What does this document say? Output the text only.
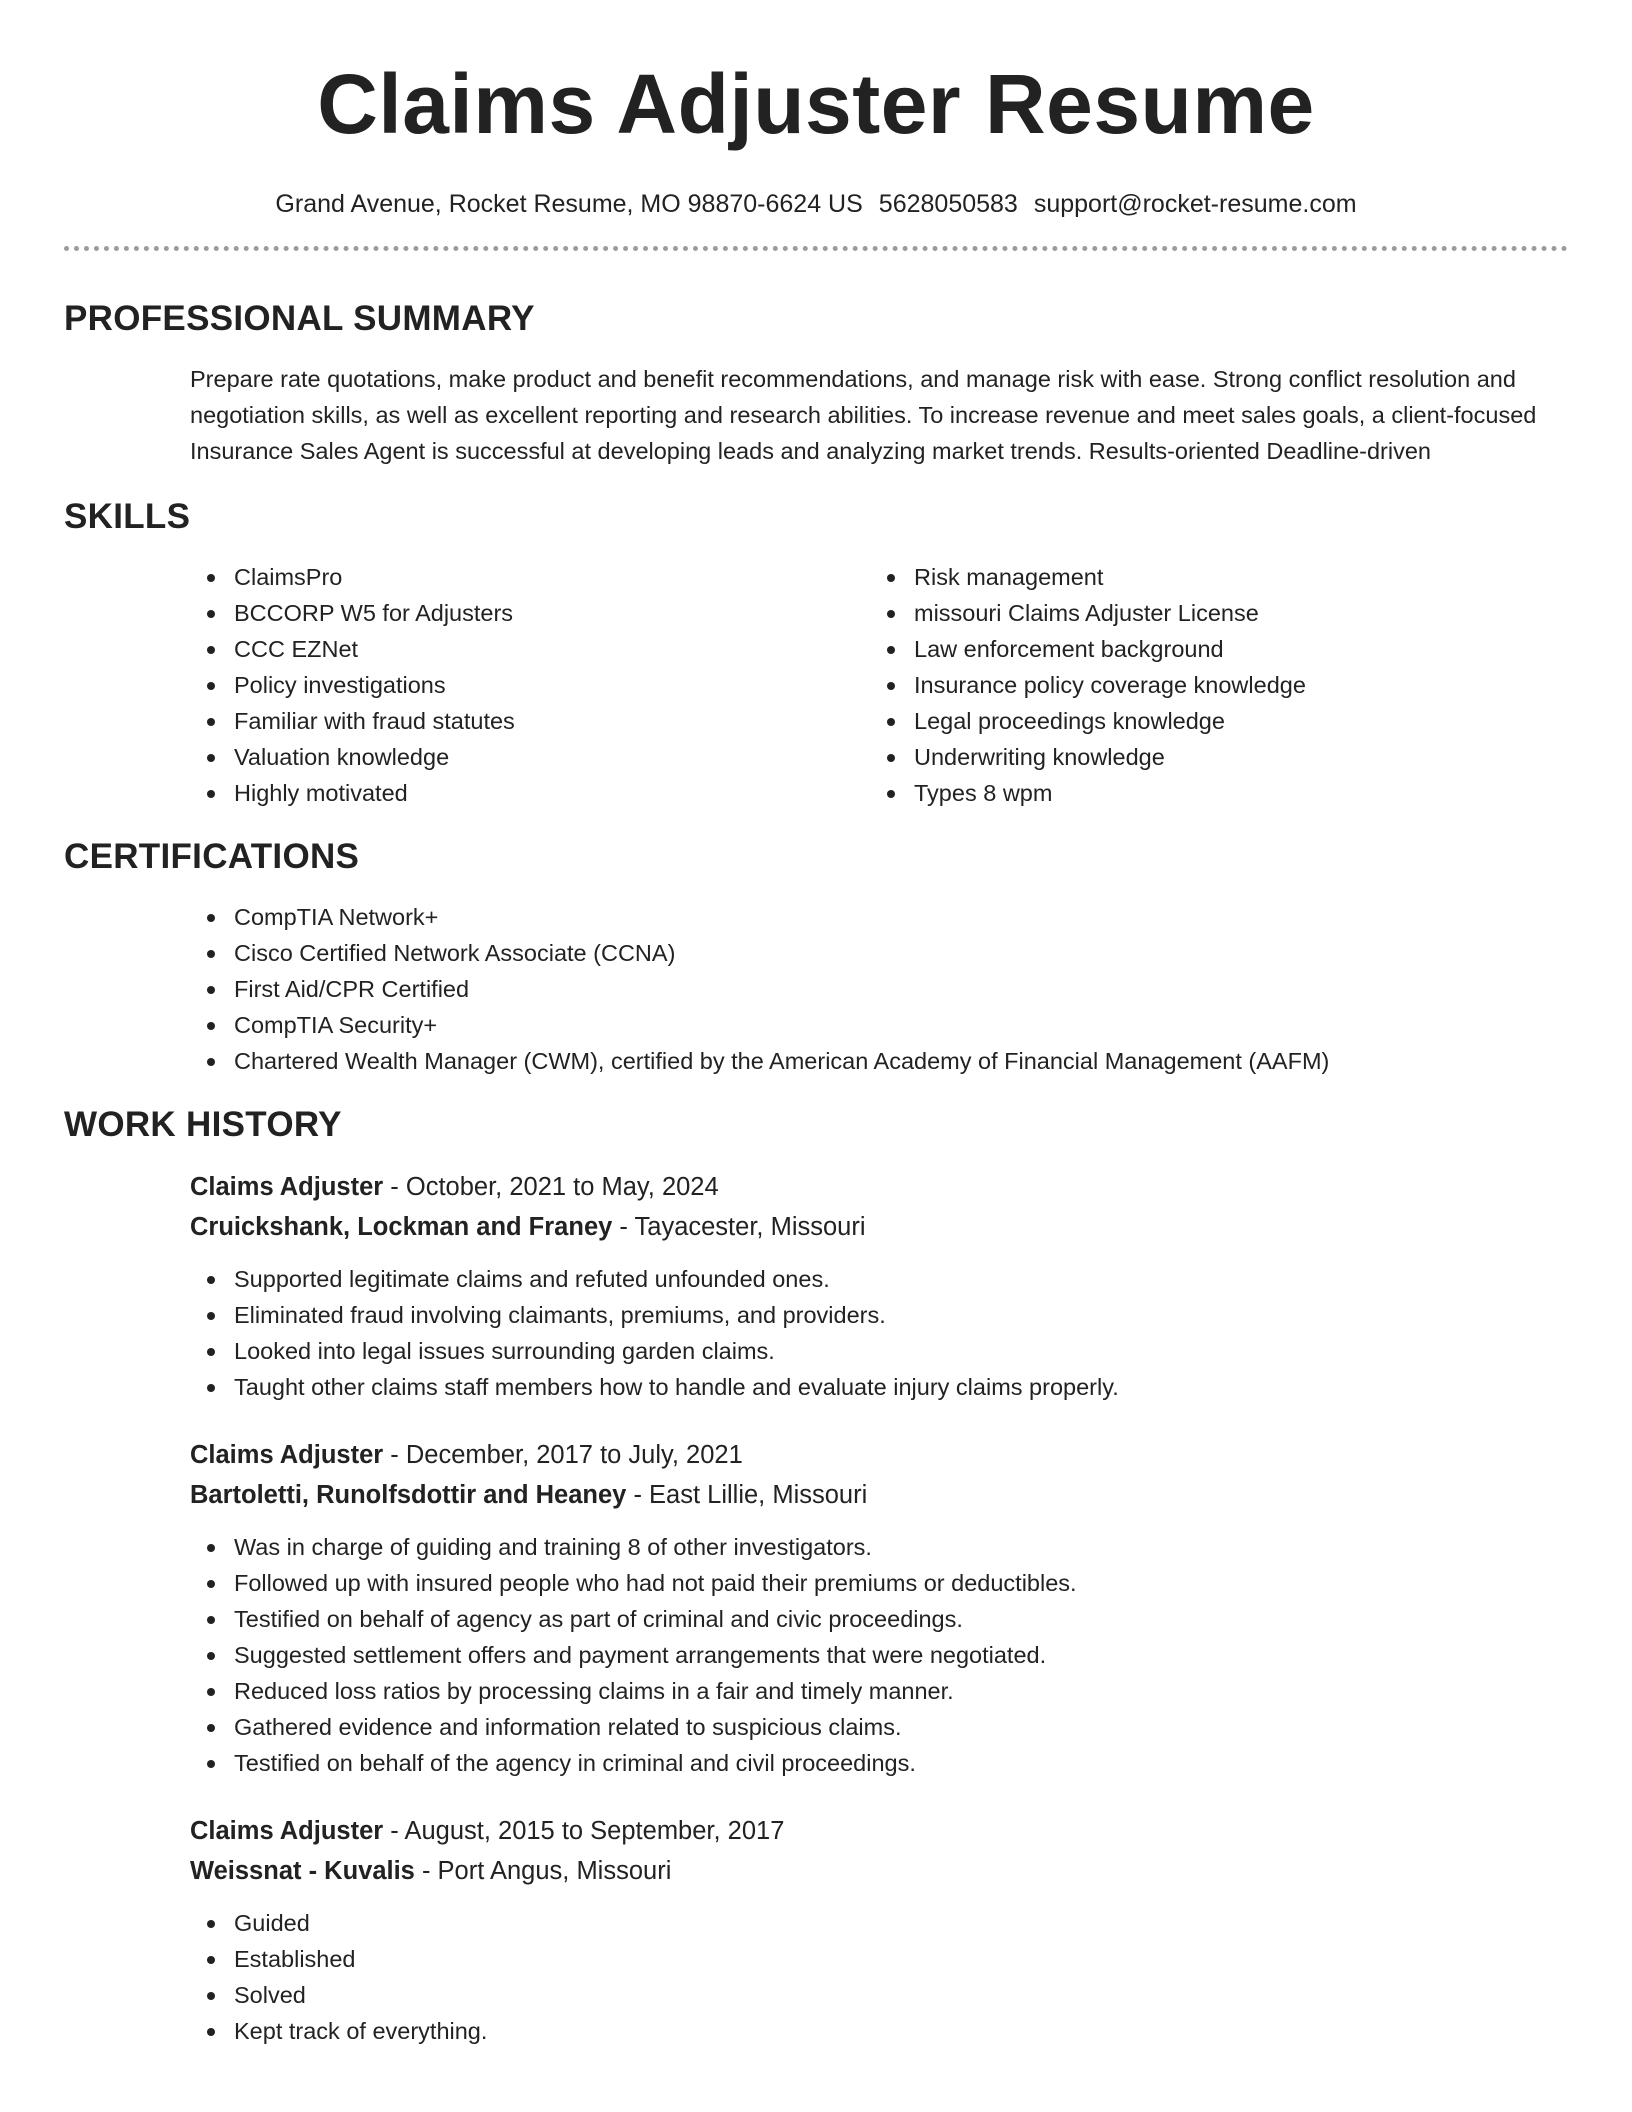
Claims Adjuster Resume
Grand Avenue, Rocket Resume, MO 98870-6624 US 5628050583 support@rocket-resume.com
PROFESSIONAL SUMMARY

Prepare rate quotations, make product and benefit recommendations, and manage risk with ease. Strong conflict resolution and negotiation skills, as well as excellent reporting and research abilities. To increase revenue and meet sales goals, a client-focused Insurance Sales Agent is successful at developing leads and analyzing market trends. Results-oriented Deadline-driven

SKILLS
ClaimsPro
BCCORP W5 for Adjusters
CCC EZNet
Policy investigations
Familiar with fraud statutes
Valuation knowledge
Highly motivated
Risk management
missouri Claims Adjuster License
Law enforcement background
Insurance policy coverage knowledge
Legal proceedings knowledge
Underwriting knowledge
Types 8 wpm
CERTIFICATIONS
CompTIA Network+
Cisco Certified Network Associate (CCNA)
First Aid/CPR Certified
CompTIA Security+
Chartered Wealth Manager (CWM), certified by the American Academy of Financial Management (AAFM)
WORK HISTORY
Claims Adjuster - October, 2021 to May, 2024
Cruickshank, Lockman and Franey - Tayacester, Missouri
Supported legitimate claims and refuted unfounded ones.
Eliminated fraud involving claimants, premiums, and providers.
Looked into legal issues surrounding garden claims.
Taught other claims staff members how to handle and evaluate injury claims properly.
Claims Adjuster - December, 2017 to July, 2021
Bartoletti, Runolfsdottir and Heaney - East Lillie, Missouri
Was in charge of guiding and training 8 of other investigators.
Followed up with insured people who had not paid their premiums or deductibles.
Testified on behalf of agency as part of criminal and civic proceedings.
Suggested settlement offers and payment arrangements that were negotiated.
Reduced loss ratios by processing claims in a fair and timely manner.
Gathered evidence and information related to suspicious claims.
Testified on behalf of the agency in criminal and civil proceedings.
Claims Adjuster - August, 2015 to September, 2017
Weissnat - Kuvalis - Port Angus, Missouri
Guided
Established
Solved
Kept track of everything.
